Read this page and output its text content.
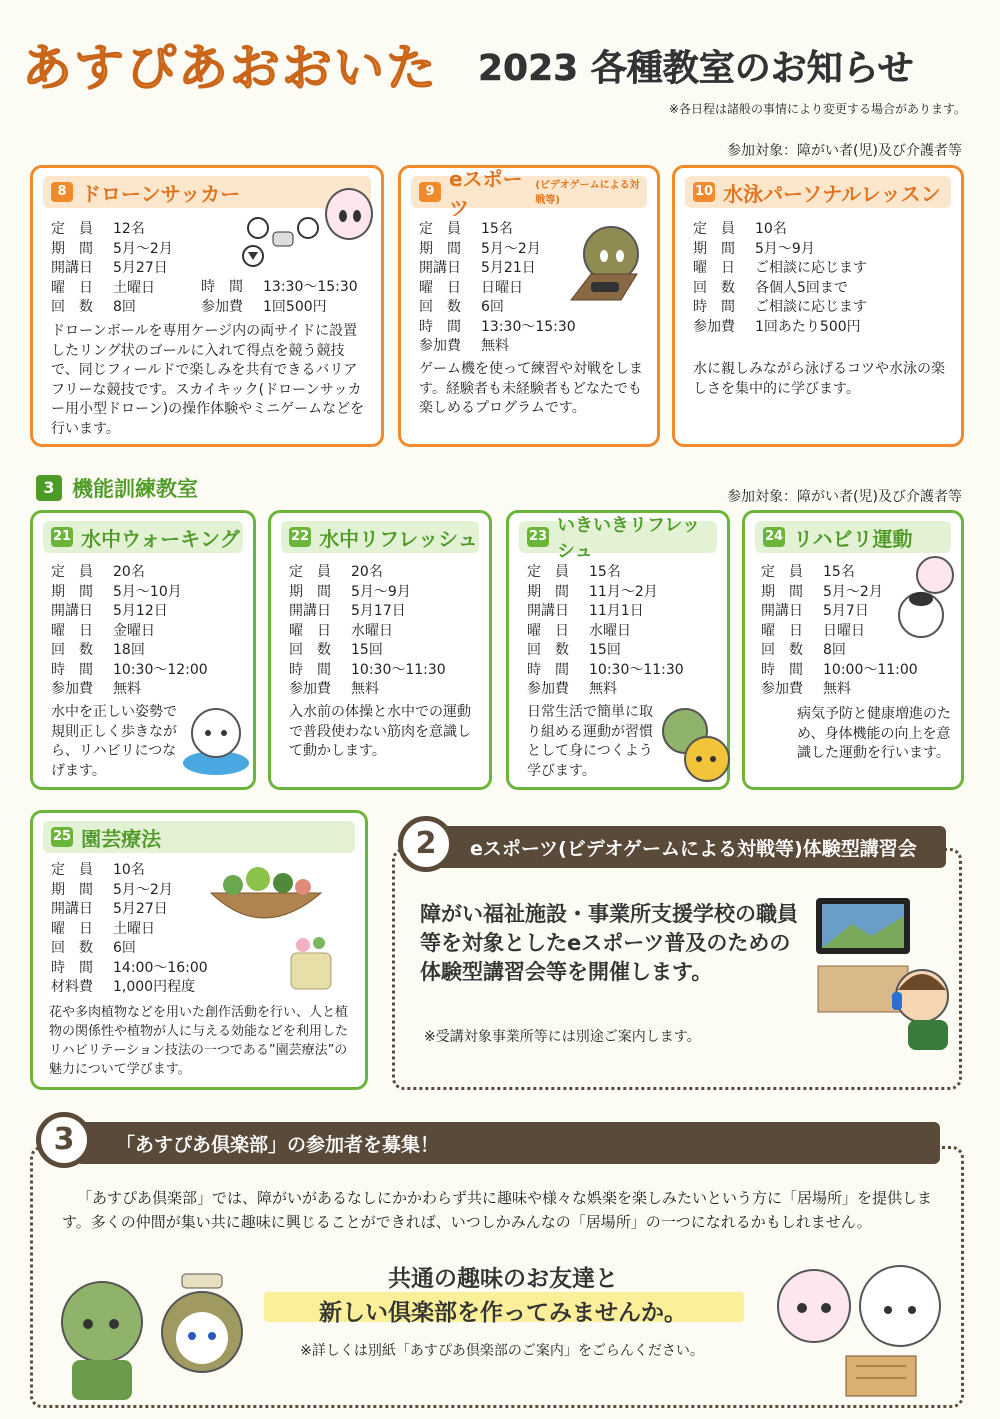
あすぴあおおいた 2023 各種教室のお知らせ
※各日程は諸般の事情により変更する場合があります。
参加対象：障がい者(児)及び介護者等
8 ドローンサッカー
定　員 12名
期　間 5月～2月
開講日 5月27日
曜　日 土曜日
回　数 8回
時　間 13:30～15:30
参加費 1回500円
ドローンボールを専用ケージ内の両サイドに設置したリング状のゴールに入れて得点を競う競技で、同じフィールドで楽しみを共有できるバリアフリーな競技です。スカイキック(ドローンサッカー用小型ドローン)の操作体験やミニゲームなどを行います。
9
eスポーツ
(ビデオゲームによる対戦等)
定　員 15名
期　間 5月～2月
開講日 5月21日
曜　日 日曜日
回　数 6回
時　間 13:30～15:30
参加費 無料
ゲーム機を使って練習や対戦をします。経験者も未経験者もどなたでも楽しめるプログラムです。
10 水泳パーソナルレッスン
定　員 10名
期　間 5月～9月
曜　日 ご相談に応じます
回　数 各個人5回まで
時　間 ご相談に応じます
参加費 1回あたり500円
水に親しみながら泳げるコツや水泳の楽しさを集中的に学びます。
3 機能訓練教室	参加対象：障がい者(児)及び介護者等
21 水中ウォーキング
定　員 20名
期　間 5月～10月
開講日 5月12日
曜　日 金曜日
回　数 18回
時　間 10:30～12:00
参加費 無料
水中を正しい姿勢で規則正しく歩きながら、リハビリにつなげます。
22 水中リフレッシュ
定　員 20名
期　間 5月～9月
開講日 5月17日
曜　日 水曜日
回　数 15回
時　間 10:30～11:30
参加費 無料
入水前の体操と水中での運動で普段使わない筋肉を意識して動かします。
23
いきいきリフレッシュ
定　員 15名
期　間 11月～2月
開講日 11月1日
曜　日 水曜日
回　数 15回
時　間 10:30～11:30
参加費 無料
日常生活で簡単に取り組める運動が習慣として身につくよう学びます。
24 リハビリ運動
定　員 15名
期　間 5月～2月
開講日 5月7日
曜　日 日曜日
回　数 8回
時　間 10:00～11:00
参加費 無料
病気予防と健康増進のため、身体機能の向上を意識した運動を行います。
25 園芸療法
定　員 10名
期　間 5月～2月
開講日 5月27日
曜　日 土曜日
回　数 6回
時　間 14:00～16:00
材料費 1,000円程度
花や多肉植物などを用いた創作活動を行い、人と植物の関係性や植物が人に与える効能などを利用したリハビリテーション技法の一つである”園芸療法”の魅力について学びます。
eスポーツ(ビデオゲームによる対戦等)体験型講習会
2
障がい福祉施設・事業所支援学校の職員等を対象としたeスポーツ普及のための体験型講習会等を開催します。
※受講対象事業所等には別途ご案内します。
「あすぴあ倶楽部」の参加者を募集！
3
「あすぴあ倶楽部」では、障がいがあるなしにかかわらず共に趣味や様々な娯楽を楽しみたいという方に「居場所」を提供します。多くの仲間が集い共に趣味に興じることができれば、いつしかみんなの「居場所」の一つになれるかもしれません。
共通の趣味のお友達と
新しい倶楽部を作ってみませんか。
※詳しくは別紙「あすぴあ倶楽部のご案内」をごらんください。
